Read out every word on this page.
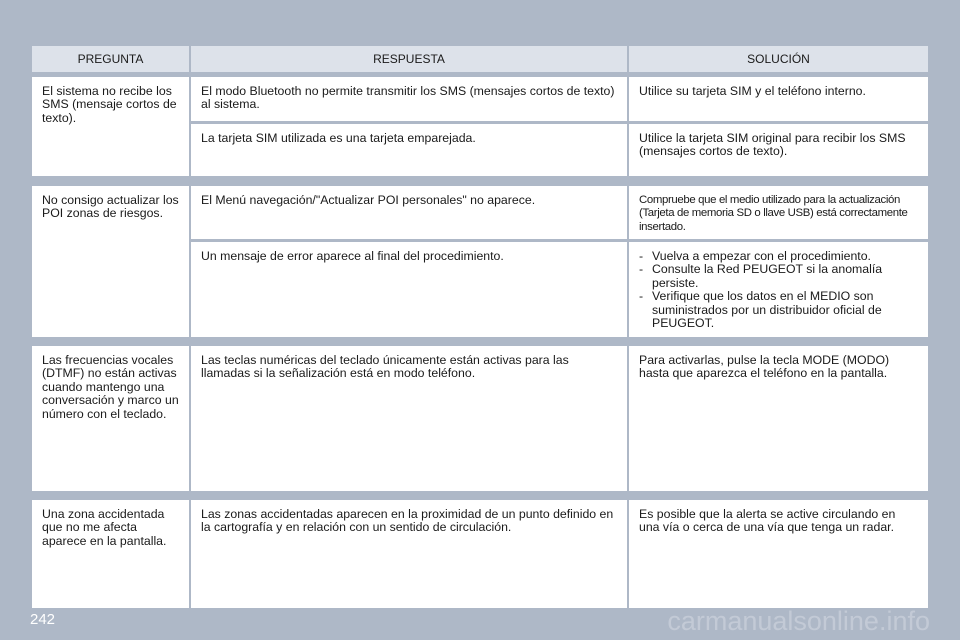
PREGUNTA	RESPUESTA	SOLUCIÓN
El sistema no recibe los SMS (mensaje cortos de texto).
El modo Bluetooth no permite transmitir los SMS (mensajes cortos de texto) al sistema.
Utilice su tarjeta SIM y el teléfono interno.
La tarjeta SIM utilizada es una tarjeta emparejada.	Utilice la tarjeta SIM original para recibir los SMS (mensajes cortos de texto).
No consigo actualizar los POI zonas de riesgos.
El Menú navegación/"Actualizar POI personales" no aparece.	Compruebe que el medio utilizado para la actualización (Tarjeta de memoria SD o llave USB) está correctamente insertado.
Un mensaje de error aparece al final del procedimiento.
-	Vuelva a empezar con el procedimiento.
- Consulte la Red PEUGEOT si la anomalía persiste.
- Verifique que los datos en el MEDIO son suministrados por un distribuidor oficial de PEUGEOT.
Las frecuencias vocales (DTMF) no están activas cuando mantengo una conversación y marco un número con el teclado.
Las teclas numéricas del teclado únicamente están activas para las llamadas si la señalización está en modo teléfono.
Para activarlas, pulse la tecla MODE (MODO) hasta que aparezca el teléfono en la pantalla.
Una zona accidentada que no me afecta aparece en la pantalla.
Las zonas accidentadas aparecen en la proximidad de un punto definido en la cartografía y en relación con un sentido de circulación.
Es posible que la alerta se active circulando en una vía o cerca de una vía que tenga un radar.
242	carmanualsonline.info
